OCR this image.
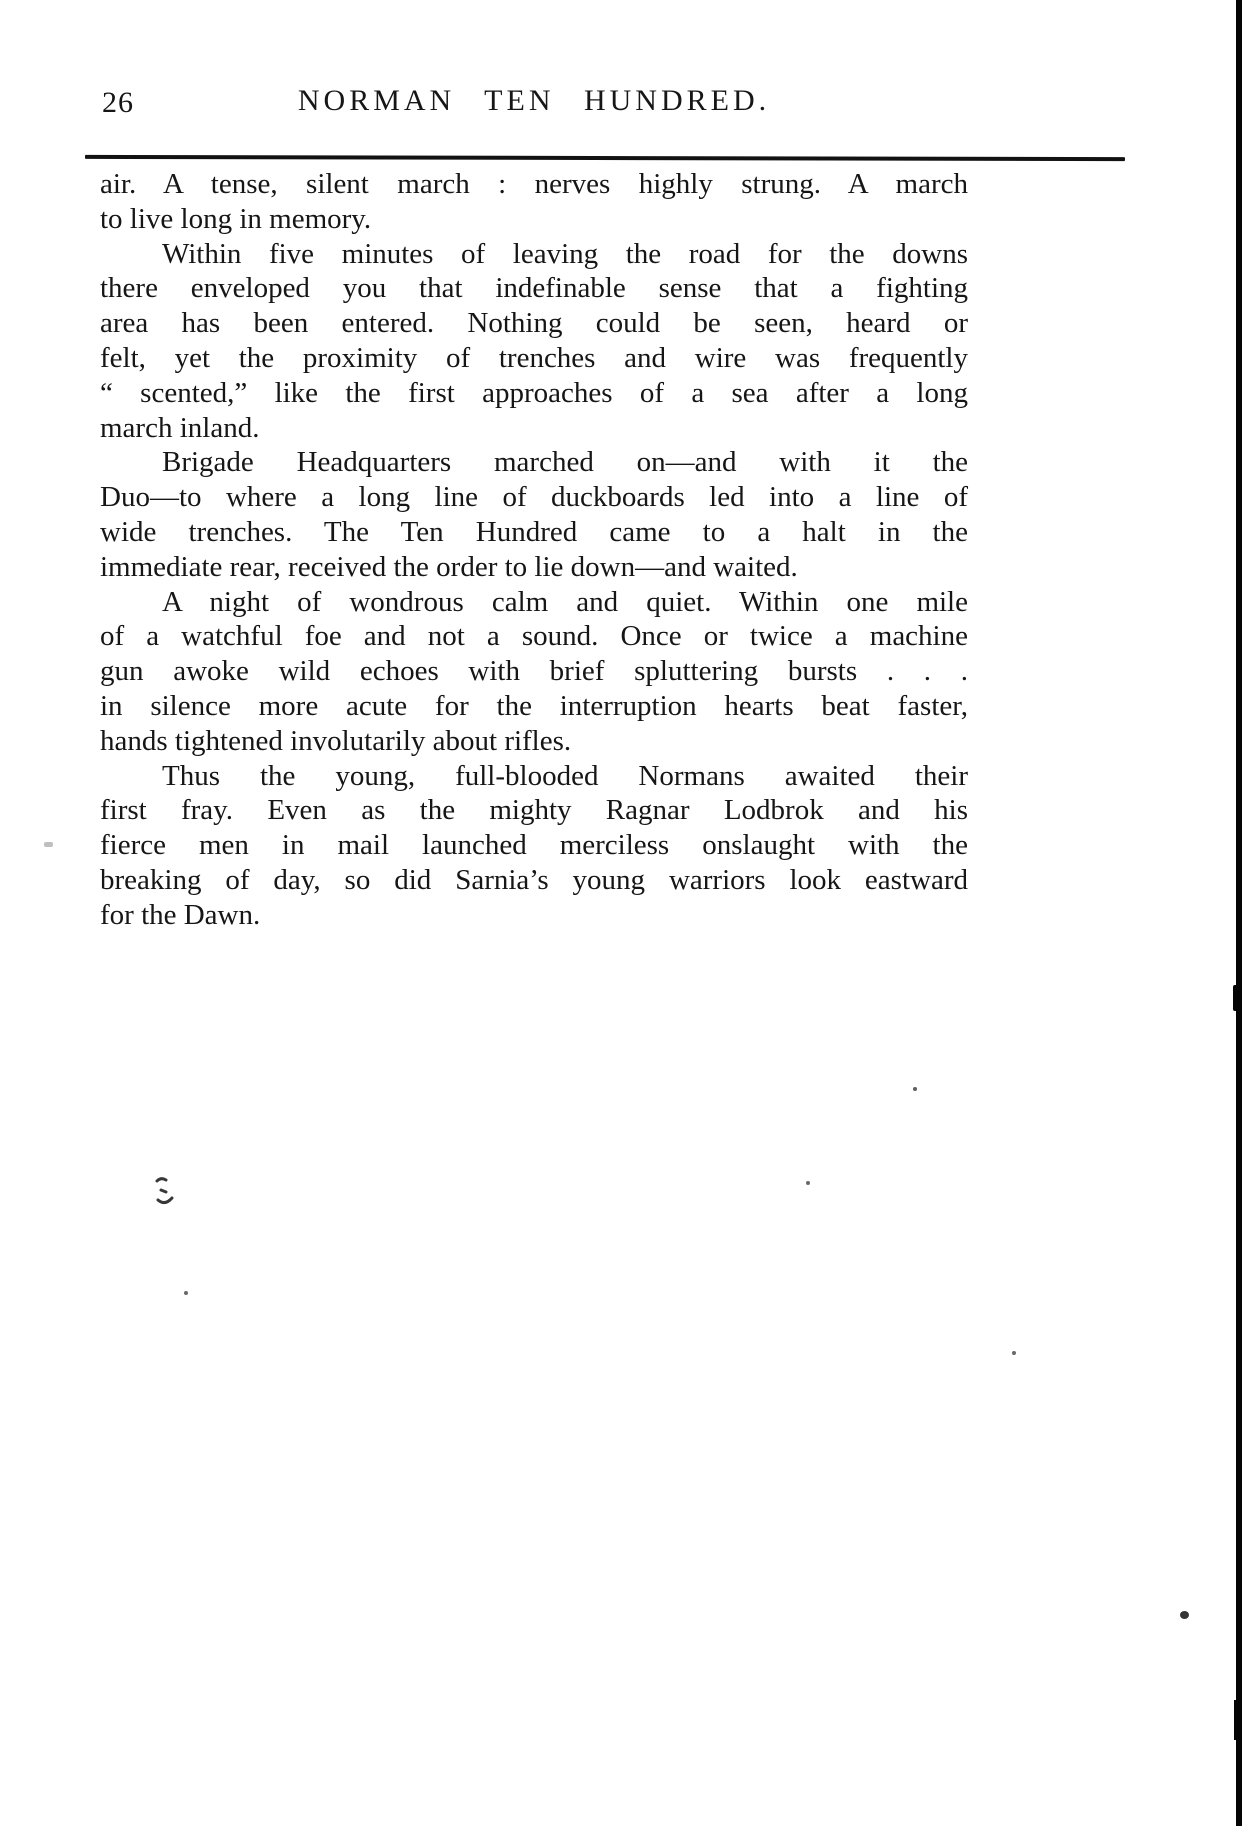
26	NORMAN TEN HUNDRED.
air. A tense, silent march : nerves highly strung. A march
to live long in memory.
Within five minutes of leaving the road for the downs
there enveloped you that indefinable sense that a fighting
area has been entered. Nothing could be seen, heard or
felt, yet the proximity of trenches and wire was frequently
“ scented,” like the first approaches of a sea after a long
march inland.
Brigade Headquarters marched on—and with it the
Duo—to where a long line of duckboards led into a line of
wide trenches. The Ten Hundred came to a halt in the
immediate rear, received the order to lie down—and waited.
A night of wondrous calm and quiet. Within one mile
of a watchful foe and not a sound. Once or twice a machine
gun awoke wild echoes with brief spluttering bursts . . .
in silence more acute for the interruption hearts beat faster,
hands tightened involutarily about rifles.
Thus the young, full-blooded Normans awaited their
first fray. Even as the mighty Ragnar Lodbrok and his
fierce men in mail launched merciless onslaught with the
breaking of day, so did Sarnia’s young warriors look eastward
for the Dawn.
